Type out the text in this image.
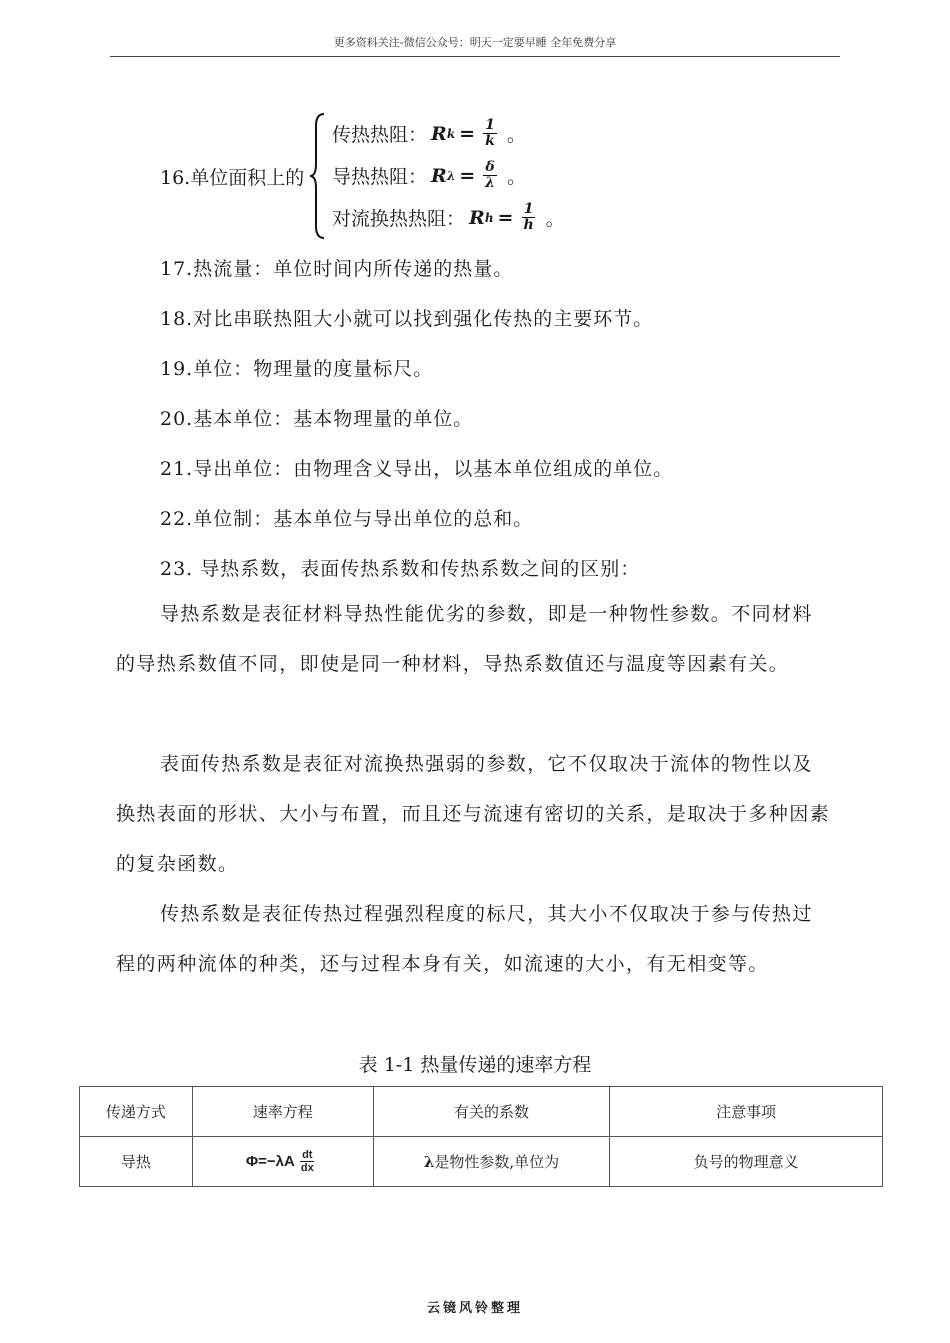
更多资料关注-微信公众号：明天一定要早睡 全年免费分享
16.单位面积上的
传热热阻： R $k = \frac{1}{k}$ 。
导热热阻： R $\lambda = \frac{\delta}{\lambda}$ 。
对流换热热阻： R $h = \frac{1}{h}$ 。
17.热流量：单位时间内所传递的热量。
18.对比串联热阻大小就可以找到强化传热的主要环节。
19.单位：物理量的度量标尺。
20.基本单位：基本物理量的单位。
21.导出单位：由物理含义导出，以基本单位组成的单位。
22.单位制：基本单位与导出单位的总和。
23. 导热系数，表面传热系数和传热系数之间的区别：

导热系数是表征材料导热性能优劣的参数，即是一种物性参数。不同材料的导热系数值不同，即使是同一种材料，导热系数值还与温度等因素有关。

表面传热系数是表征对流换热强弱的参数，它不仅取决于流体的物性以及换热表面的形状、大小与布置，而且还与流速有密切的关系，是取决于多种因素的复杂函数。

传热系数是表征传热过程强烈程度的标尺，其大小不仅取决于参与传热过程的两种流体的种类，还与过程本身有关，如流速的大小，有无相变等。

表 1-1 热量传递的速率方程
传递方式	速率方程	有关的系数	注意事项
导热	$\Phi=-\lambda A \frac{dt}{dx}$	λ是物性参数,单位为	负号的物理意义
云镜风铃整理
